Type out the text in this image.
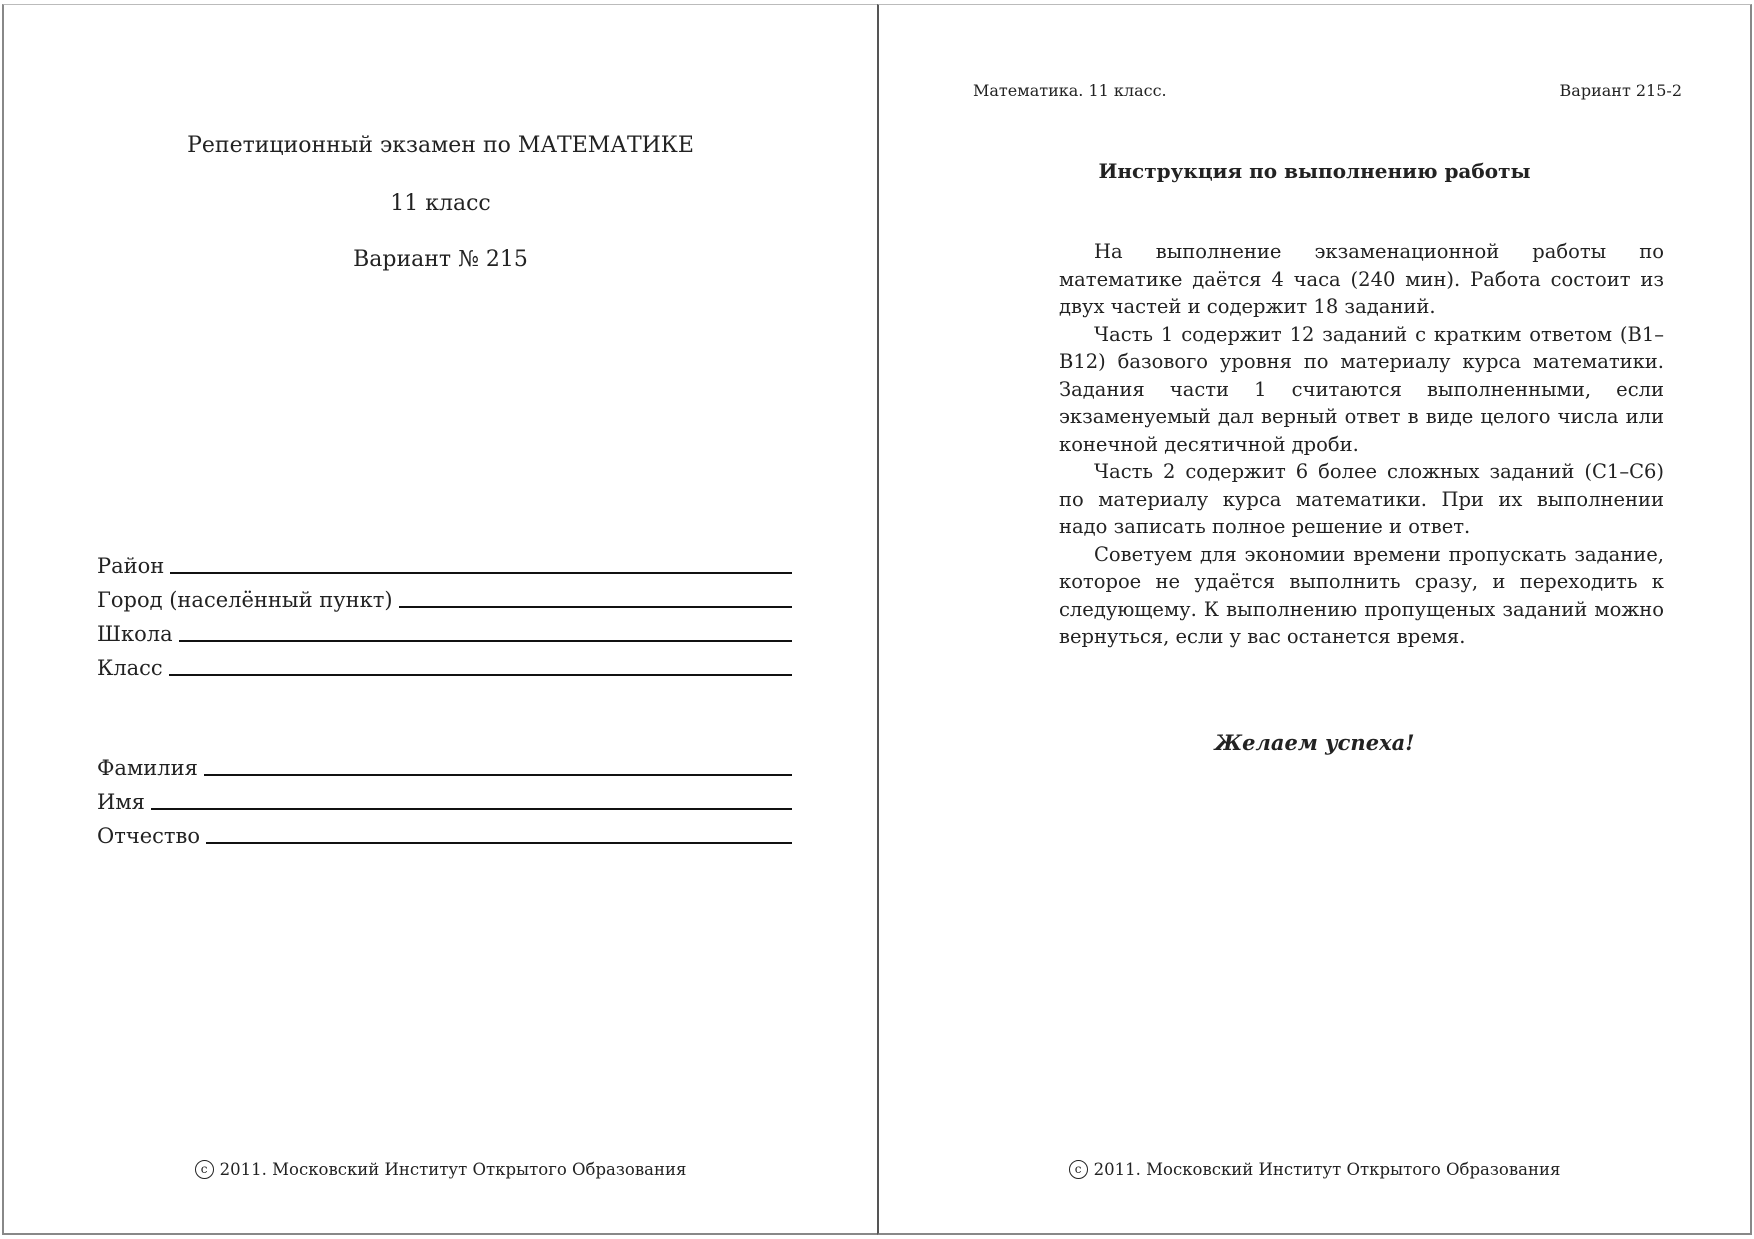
Репетиционный экзамен по МАТЕМАТИКЕ
11 класс
Вариант № 215
Район
Город (населённый пункт)
Школа
Класс
Фамилия
Имя
Отчество
c 2011. Московский Институт Открытого Образования
Математика. 11 класс.	Вариант 215-2
Инструкция по выполнению работы

На выполнение экзаменационной работы по математике даётся 4 часа (240 мин). Работа состоит из двух частей и содержит 18 заданий.

Часть 1 содержит 12 заданий с кратким ответом (B1–B12) базового уровня по материалу курса математики. Задания части 1 считаются выполненными, если экзаменуемый дал верный ответ в виде целого числа или конечной десятичной дроби.

Часть 2 содержит 6 более сложных заданий (C1–C6) по материалу курса математики. При их выполнении надо записать полное решение и ответ.

Советуем для экономии времени пропускать задание, которое не удаётся выполнить сразу, и переходить к следующему. К выполнению пропущеных заданий можно вернуться, если у вас останется время.

Желаем успеха!
c 2011. Московский Институт Открытого Образования
